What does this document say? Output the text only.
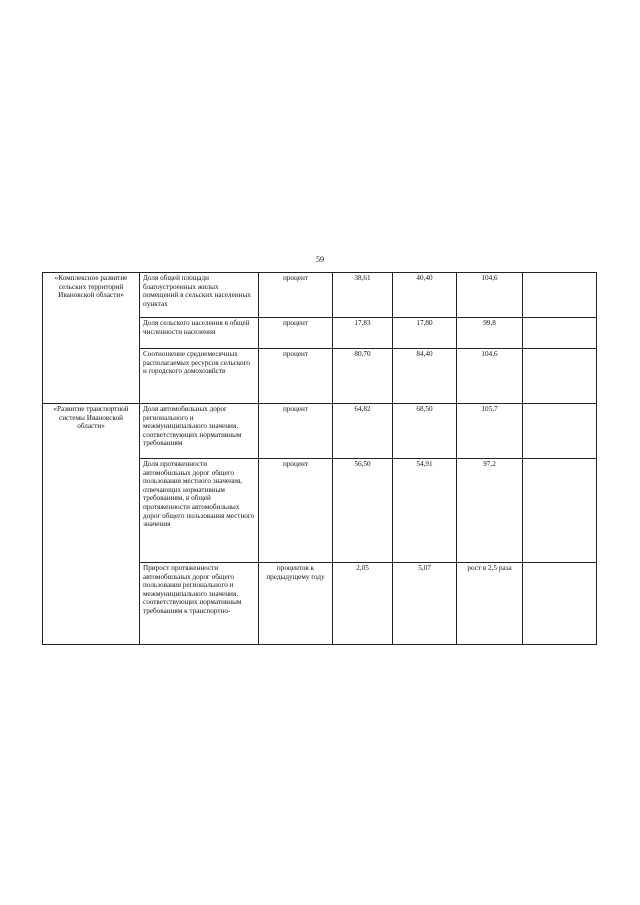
59
«Комплексное развитие сельских территорий Ивановской области»	Доля общей площади благоустроенных жилых помещений в сельских населенных пунктах	процент	38,61	40,40	104,6	
	Доля сельского населения в общей численности населения	процент	17,83	17,80	99,8	
	Соотношение среднемесячных располагаемых ресурсов сельского и городского домохозяйств	процент	80,70	84,40	104,6	
«Развитие транспортной системы Ивановской области»	Доля автомобильных дорог регионального и межмуниципального значения, соответствующих нормативным требованиям	процент	64,82	68,50	105,7	
	Доля протяженности автомобильных дорог общего пользования местного значения, отвечающих нормативным требованиям, в общей протяженности автомобильных дорог общего пользования местного значения	процент	56,50	54,91	97,2	
	Прирост протяженности автомобильных дорог общего пользования регионального и межмуниципального значения, соответствующих нормативным требованиям к транспортно-	процентов к предыдущему году	2,05	5,07	рост в 2,5 раза	
